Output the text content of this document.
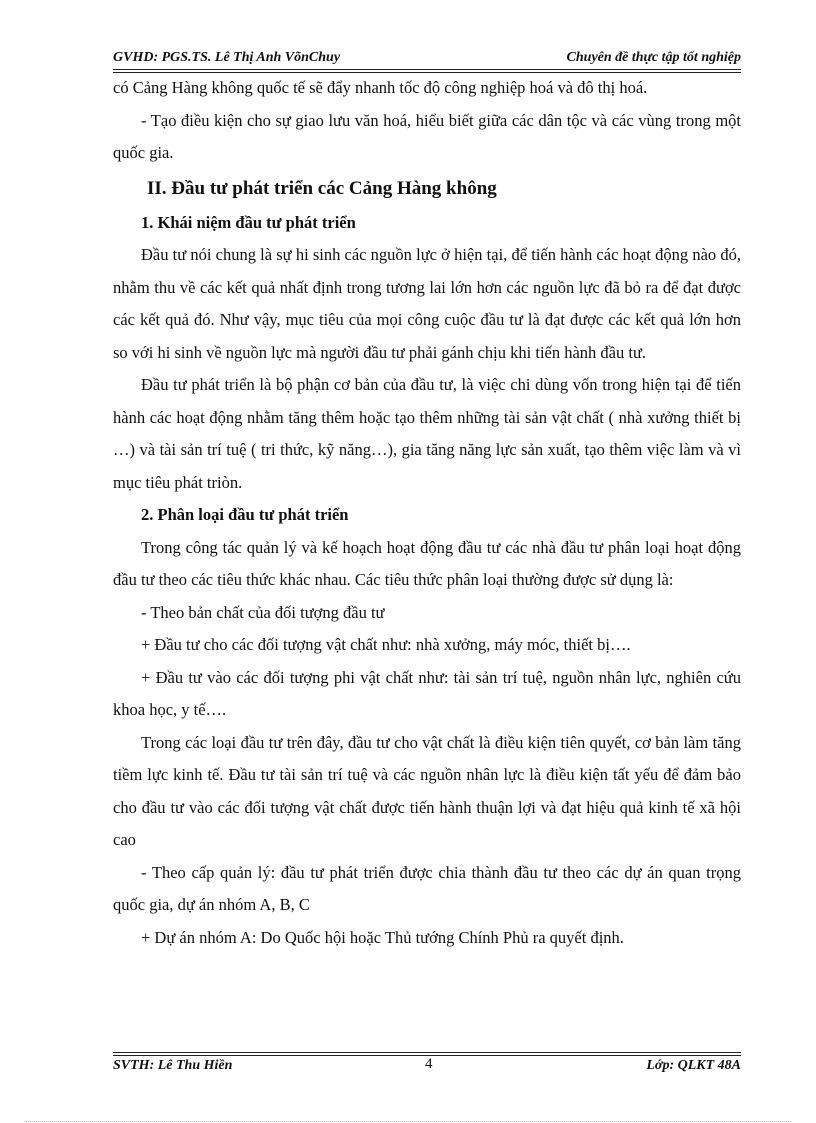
GVHD: PGS.TS. Lê Thị Anh VõnChuy	Chuyên đề thực tập tốt nghiệp

có Cảng Hàng không quốc tế sẽ đẩy nhanh tốc độ công nghiệp hoá và đô thị hoá.

- Tạo điều kiện cho sự giao lưu văn hoá, hiểu biết giữa các dân tộc và các vùng trong một quốc gia.

II. Đầu tư phát triển các Cảng Hàng không
1. Khái niệm đầu tư phát triển

Đầu tư nói chung là sự hi sinh các nguồn lực ở hiện tại, để tiến hành các hoạt động nào đó, nhằm thu về các kết quả nhất định trong tương lai lớn hơn các nguồn lực đã bỏ ra để đạt được các kết quả đó. Như vậy, mục tiêu của mọi công cuộc đầu tư là đạt được các kết quả lớn hơn so với hi sinh về nguồn lực mà người đầu tư phải gánh chịu khi tiến hành đầu tư.

Đầu tư phát triển là bộ phận cơ bản của đầu tư, là việc chi dùng vốn trong hiện tại để tiến hành các hoạt động nhằm tăng thêm hoặc tạo thêm những tài sản vật chất ( nhà xưởng thiết bị …) và tài sản trí tuệ ( tri thức, kỹ năng…), gia tăng năng lực sản xuất, tạo thêm việc làm và vì mục tiêu phát triòn.

2. Phân loại đầu tư phát triển

Trong công tác quản lý và kế hoạch hoạt động đầu tư các nhà đầu tư phân loại hoạt động đầu tư theo các tiêu thức khác nhau. Các tiêu thức phân loại thường được sử dụng là:

- Theo bản chất của đối tượng đầu tư

+ Đầu tư cho các đối tượng vật chất như: nhà xưởng, máy móc, thiết bị….

+ Đầu tư vào các đối tượng phi vật chất như: tài sản trí tuệ, nguồn nhân lực, nghiên cứu khoa học, y tế….

Trong các loại đầu tư trên đây, đầu tư cho vật chất là điều kiện tiên quyết, cơ bản làm tăng tiềm lực kinh tế. Đầu tư tài sản trí tuệ và các nguồn nhân lực là điều kiện tất yếu để đảm bảo cho đầu tư vào các đối tượng vật chất được tiến hành thuận lợi và đạt hiệu quả kinh tế xã hội cao

- Theo cấp quản lý: đầu tư phát triển được chia thành đầu tư theo các dự án quan trọng quốc gia, dự án nhóm A, B, C

+ Dự án nhóm A: Do Quốc hội hoặc Thủ tướng Chính Phủ ra quyết định.

SVTH: Lê Thu Hiền	4	Lớp: QLKT 48A
